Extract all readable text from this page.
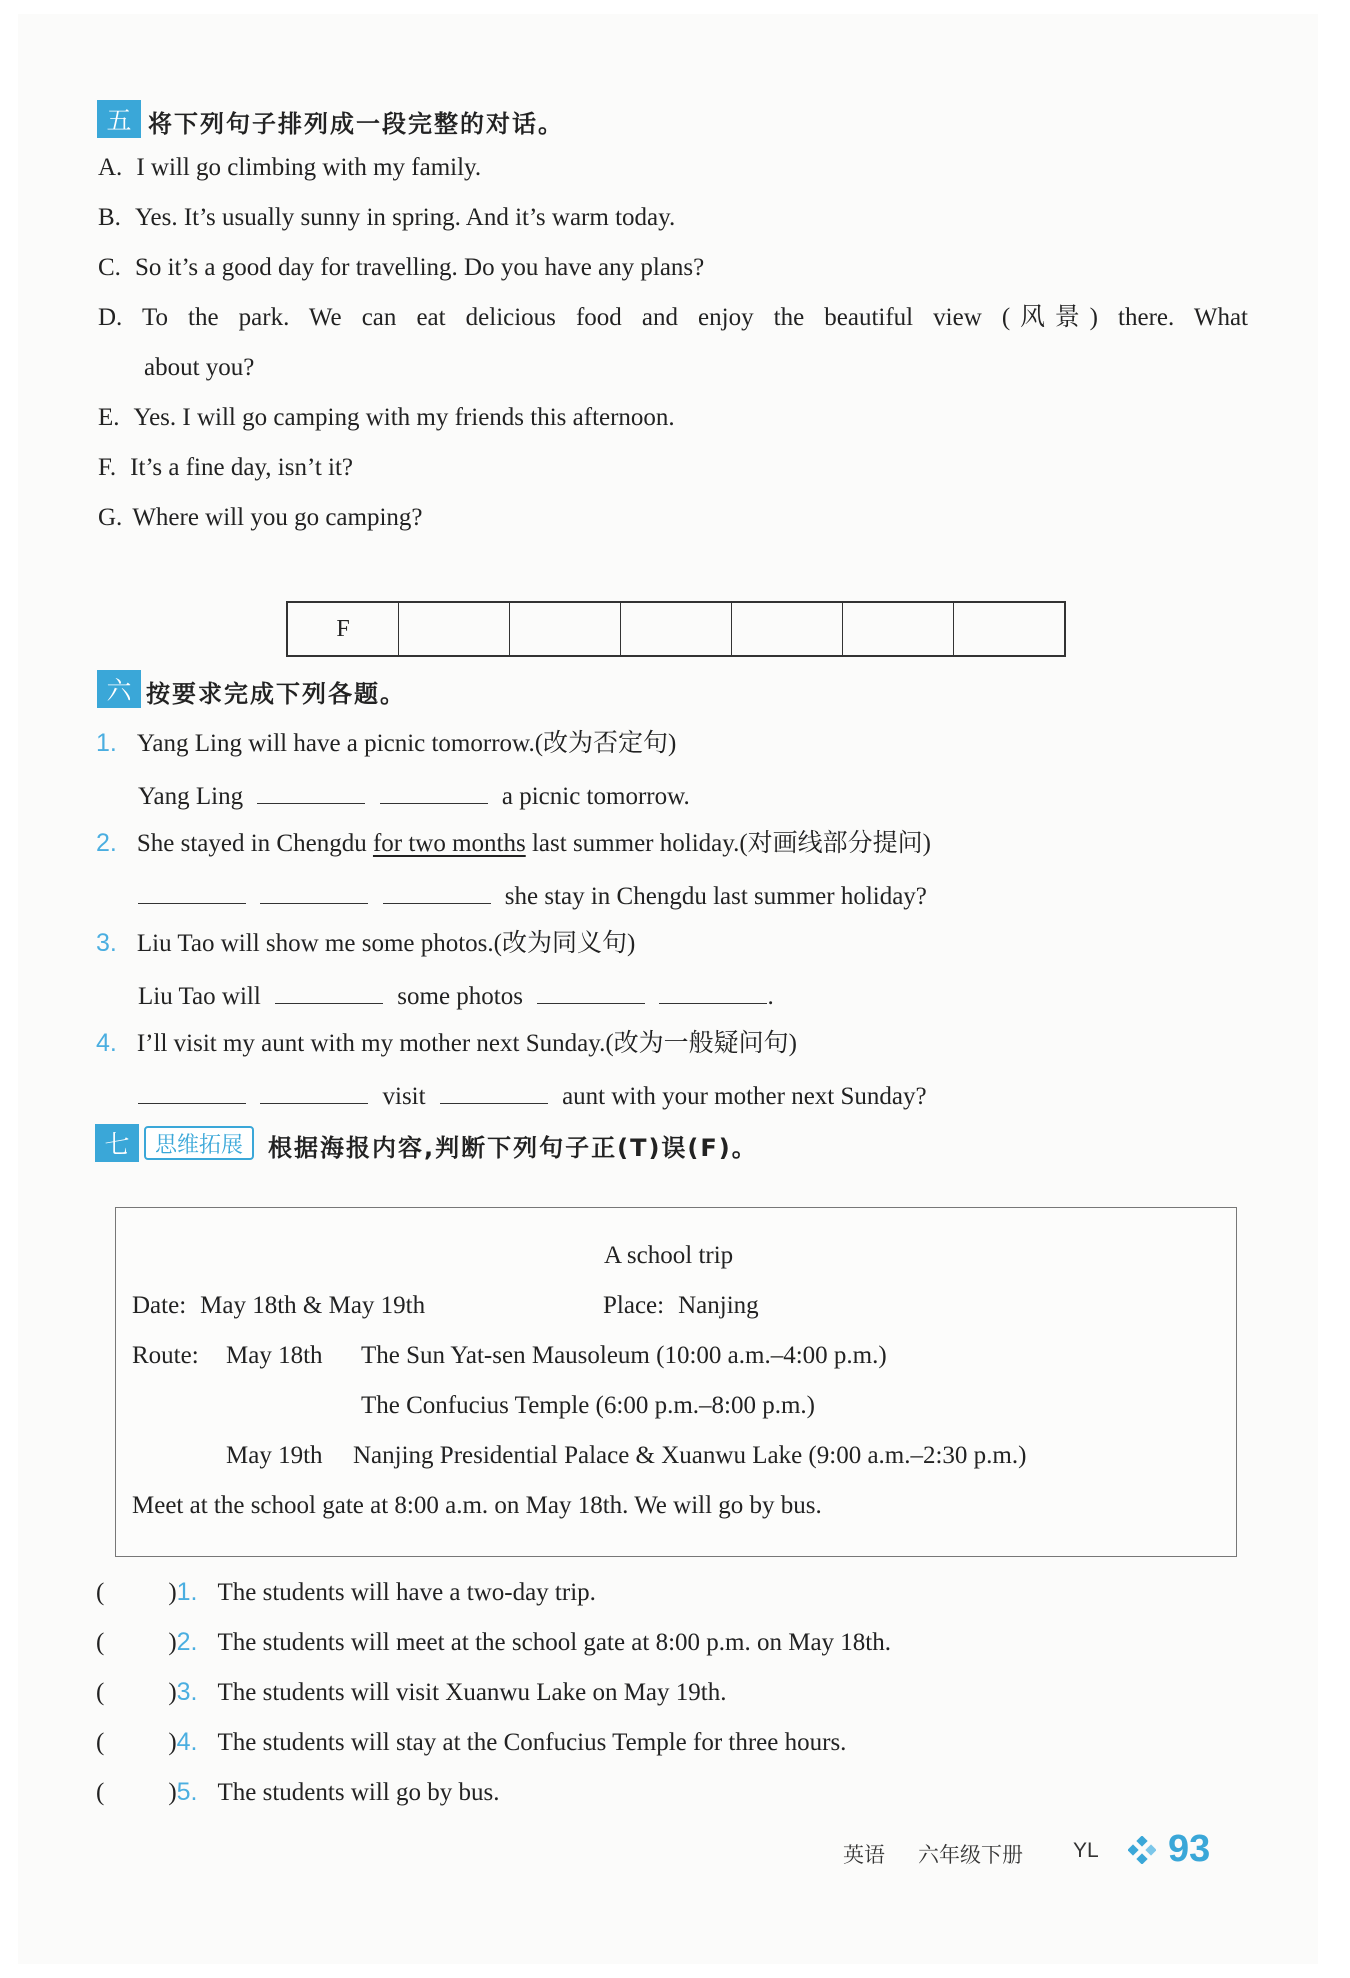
五 将下列句子排列成一段完整的对话。
A. I will go climbing with my family.
B. Yes. It’s usually sunny in spring. And it’s warm today.
C. So it’s a good day for travelling. Do you have any plans?
D. To the park. We can eat delicious food and enjoy the beautiful view (风景) there. What
about you?
E. Yes. I will go camping with my friends this afternoon.
F. It’s a fine day, isn’t it?
G. Where will you go camping?
F
六 按要求完成下列各题。
1. Yang Ling will have a picnic tomorrow.(改为否定句)
Yang Ling	a picnic tomorrow.
2. She stayed in Chengdu for two months last summer holiday.(对画线部分提问)
she stay in Chengdu last summer holiday?
3. Liu Tao will show me some photos.(改为同义句)
Liu Tao will	some photos	.
4. I’ll visit my aunt with my mother next Sunday.(改为一般疑问句)
visit	aunt with your mother next Sunday?
七	思维拓展	根据海报内容,判断下列句子正(T)误(F)。
A school trip
Date: May 18th & May 19th	Place: Nanjing
Route: May 18th The Sun Yat-sen Mausoleum (10:00 a.m.–4:00 p.m.)
The Confucius Temple (6:00 p.m.–8:00 p.m.)
May 19th Nanjing Presidential Palace & Xuanwu Lake (9:00 a.m.–2:30 p.m.)
Meet at the school gate at 8:00 a.m. on May 18th. We will go by bus.
(	)1. The students will have a two-day trip.
(	)2. The students will meet at the school gate at 8:00 p.m. on May 18th.
(	)3. The students will visit Xuanwu Lake on May 19th.
(	)4. The students will stay at the Confucius Temple for three hours.
(	)5. The students will go by bus.
英语 六年级下册 YL 93
